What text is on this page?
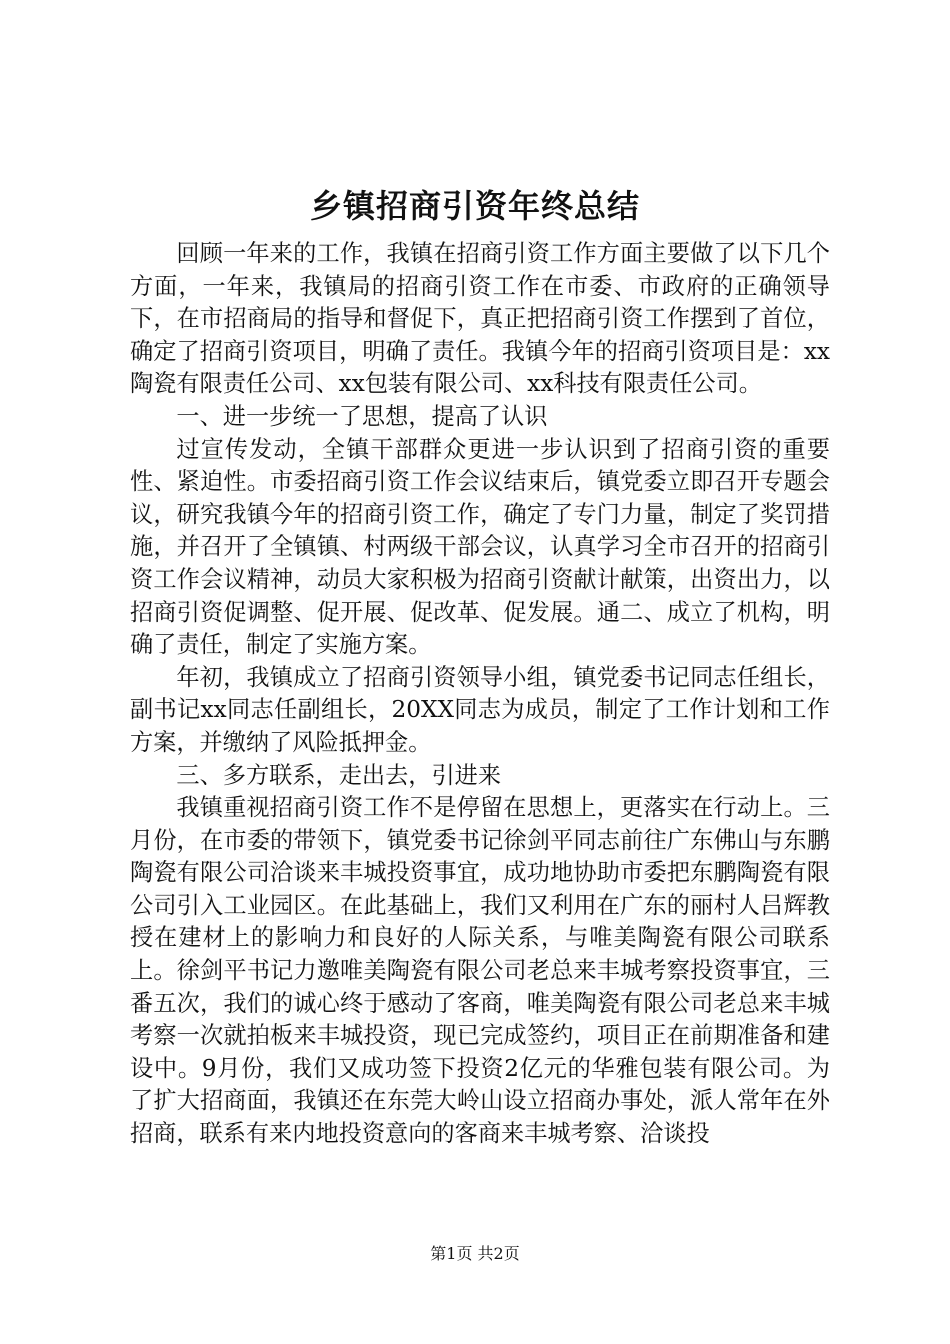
乡镇招商引资年终总结

回顾一年来的工作，我镇在招商引资工作方面主要做了以下几个方面，一年来，我镇局的招商引资工作在市委、市政府的正确领导下，在市招商局的指导和督促下，真正把招商引资工作摆到了首位，确定了招商引资项目，明确了责任。我镇今年的招商引资项目是：xx陶瓷有限责任公司、xx包装有限公司、xx科技有限责任公司。

一、进一步统一了思想，提高了认识

过宣传发动，全镇干部群众更进一步认识到了招商引资的重要性、紧迫性。市委招商引资工作会议结束后，镇党委立即召开专题会议，研究我镇今年的招商引资工作，确定了专门力量，制定了奖罚措施，并召开了全镇镇、村两级干部会议，认真学习全市召开的招商引资工作会议精神，动员大家积极为招商引资献计献策，出资出力，以招商引资促调整、促开展、促改革、促发展。通二、成立了机构，明确了责任，制定了实施方案。

年初，我镇成立了招商引资领导小组，镇党委书记同志任组长，副书记xx同志任副组长，20XX同志为成员，制定了工作计划和工作方案，并缴纳了风险抵押金。

三、多方联系，走出去，引进来

我镇重视招商引资工作不是停留在思想上，更落实在行动上。三月份，在市委的带领下，镇党委书记徐剑平同志前往广东佛山与东鹏陶瓷有限公司洽谈来丰城投资事宜，成功地协助市委把东鹏陶瓷有限公司引入工业园区。在此基础上，我们又利用在广东的丽村人吕辉教授在建材上的影响力和良好的人际关系，与唯美陶瓷有限公司联系上。徐剑平书记力邀唯美陶瓷有限公司老总来丰城考察投资事宜，三番五次，我们的诚心终于感动了客商，唯美陶瓷有限公司老总来丰城考察一次就拍板来丰城投资，现已完成签约，项目正在前期准备和建设中。9月份，我们又成功签下投资2亿元的华雅包装有限公司。为了扩大招商面，我镇还在东莞大岭山设立招商办事处，派人常年在外招商，联系有来内地投资意向的客商来丰城考察、洽谈投

第1页 共2页
